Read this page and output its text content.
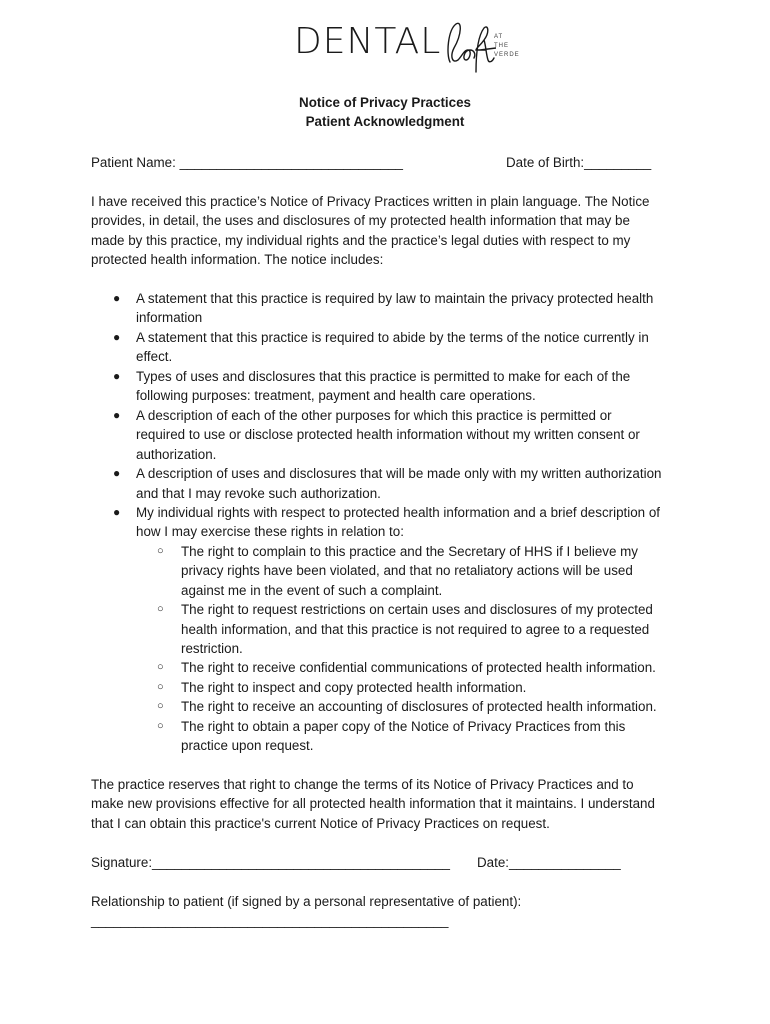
DENTAL	AT
THE
VERDE
Notice of Privacy Practices
Patient Acknowledgment
Patient Name: ______________________________	Date of Birth:_________
I have received this practice’s Notice of Privacy Practices written in plain language. The Notice
provides, in detail, the uses and disclosures of my protected health information that may be
made by this practice, my individual rights and the practice’s legal duties with respect to my
protected health information. The notice includes:
● A statement that this practice is required by law to maintain the privacy protected health
information
● A statement that this practice is required to abide by the terms of the notice currently in
effect.
● Types of uses and disclosures that this practice is permitted to make for each of the
following purposes: treatment, payment and health care operations.
● A description of each of the other purposes for which this practice is permitted or
required to use or disclose protected health information without my written consent or
authorization.
● A description of uses and disclosures that will be made only with my written authorization
and that I may revoke such authorization.
● My individual rights with respect to protected health information and a brief description of
how I may exercise these rights in relation to:
○ The right to complain to this practice and the Secretary of HHS if I believe my
privacy rights have been violated, and that no retaliatory actions will be used
against me in the event of such a complaint.
○ The right to request restrictions on certain uses and disclosures of my protected
health information, and that this practice is not required to agree to a requested
restriction.
○ The right to receive confidential communications of protected health information.
○ The right to inspect and copy protected health information.
○ The right to receive an accounting of disclosures of protected health information.
○ The right to obtain a paper copy of the Notice of Privacy Practices from this
practice upon request.
The practice reserves that right to change the terms of its Notice of Privacy Practices and to
make new provisions effective for all protected health information that it maintains. I understand
that I can obtain this practice's current Notice of Privacy Practices on request.
Signature:________________________________________ Date:_______________
Relationship to patient (if signed by a personal representative of patient):
________________________________________________
